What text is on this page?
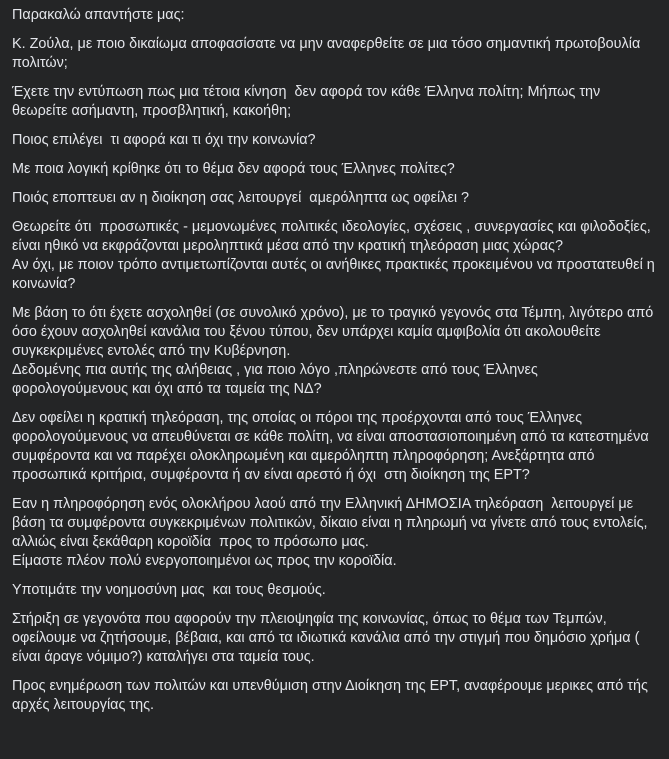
Παρακαλώ απαντήστε μας:

Κ. Ζούλα, με ποιο δικαίωμα αποφασίσατε να μην αναφερθείτε σε μια τόσο σημαντική πρωτοβουλία πολιτών;

Έχετε την εντύπωση πως μια τέτοια κίνηση  δεν αφορά τον κάθε Έλληνα πολίτη; Μήπως την θεωρείτε ασήμαντη, προσβλητική, κακοήθη;

Ποιος επιλέγει  τι αφορά και τι όχι την κοινωνία?

Με ποια λογική κρίθηκε ότι το θέμα δεν αφορά τους Έλληνες πολίτες?

Ποιός εποπτευει αν η διοίκηση σας λειτουργεί  αμερόληπτα ως οφείλει ?

Θεωρείτε ότι  προσωπικές - μεμονωμένες πολιτικές ιδεολογίες, σχέσεις , συνεργασίες και φιλοδοξίες, είναι ηθικό να εκφράζονται μεροληπτικά μέσα από την κρατική τηλεόραση μιας χώρας?
Αν όχι, με ποιον τρόπο αντιμετωπίζονται αυτές οι ανήθικες πρακτικές προκειμένου να προστατευθεί η κοινωνία?

Με βάση το ότι έχετε ασχοληθεί (σε συνολικό χρόνο), με το τραγικό γεγονός στα Τέμπη, λιγότερο από όσο έχουν ασχοληθεί κανάλια του ξένου τύπου, δεν υπάρχει καμία αμφιβολία ότι ακολουθείτε συγκεκριμένες εντολές από την Κυβέρνηση.
Δεδομένης πια αυτής της αλήθειας , για ποιο λόγο ,πληρώνεστε από τους Έλληνες φορολογούμενους και όχι από τα ταμεία της ΝΔ?

Δεν οφείλει η κρατική τηλεόραση, της οποίας οι πόροι της προέρχονται από τους Έλληνες φορολογούμενους να απευθύνεται σε κάθε πολίτη, να είναι αποστασιοποιημένη από τα κατεστημένα συμφέροντα και να παρέχει ολοκληρωμένη και αμερόληπτη πληροφόρηση; Ανεξάρτητα από προσωπικά κριτήρια, συμφέροντα ή αν είναι αρεστό ή όχι  στη διοίκηση της ΕΡΤ?

Εαν η πληροφόρηση ενός ολοκλήρου λαού από την Ελληνική ΔΗΜΟΣΙΑ τηλεόραση  λειτουργεί με βάση τα συμφέροντα συγκεκριμένων πολιτικών, δίκαιο είναι η πληρωμή να γίνετε από τους εντολείς, αλλιώς είναι ξεκάθαρη κοροϊδία  προς το πρόσωπο μας.
Είμαστε πλέον πολύ ενεργοποιημένοι ως προς την κοροϊδία.

Υποτιμάτε την νοημοσύνη μας  και τους θεσμούς.

Στήριξη σε γεγονότα που αφορούν την πλειοψηφία της κοινωνίας, όπως το θέμα των Τεμπών, οφείλουμε να ζητήσουμε, βέβαια, και από τα ιδιωτικά κανάλια από την στιγμή που δημόσιο χρήμα ( είναι άραγε νόμιμο?) καταλήγει στα ταμεία τους.

Προς ενημέρωση των πολιτών και υπενθύμιση στην Διοίκηση της ΕΡΤ, αναφέρουμε μερικες από τής  αρχές λειτουργίας της.
